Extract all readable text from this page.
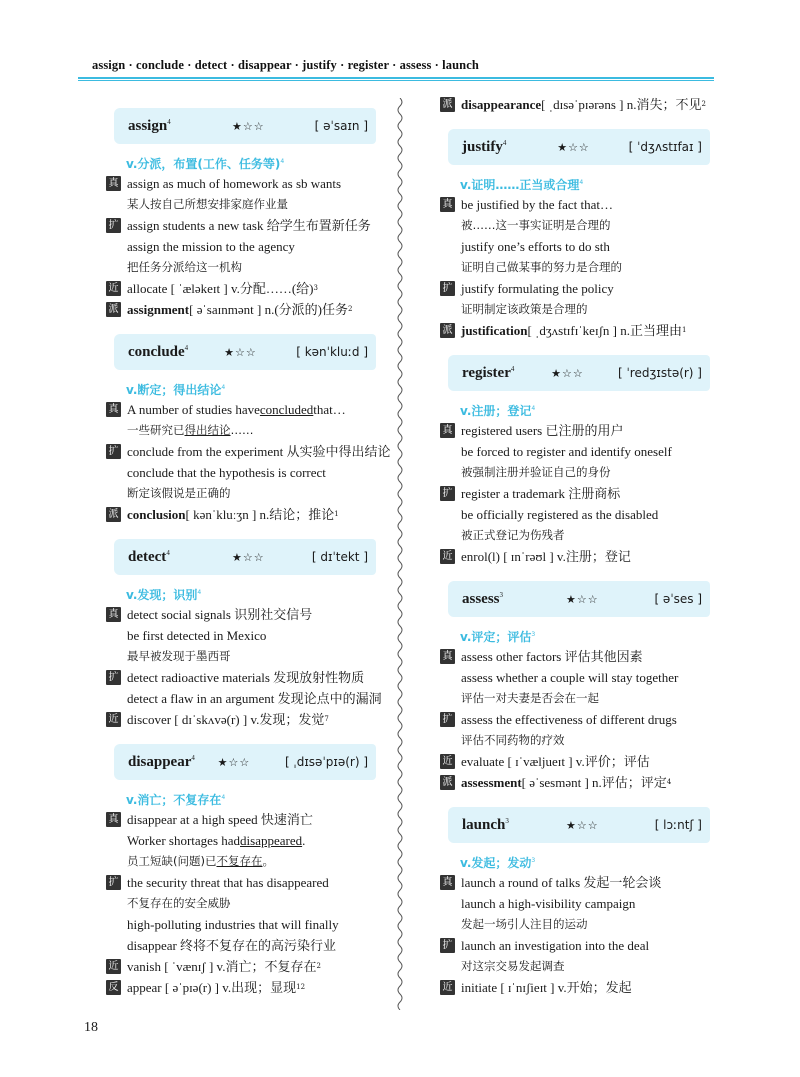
assign · conclude · detect · disappear · justify · register · assess · launch
assign$^4$	★☆☆	[ əˈsaɪn ]
v.分派，布置(工作、任务等)$^4$
真 assign as much of homework as sb wants
某人按自己所想安排家庭作业量
扩 assign students a new task 给学生布置新任务
assign the mission to the agency
把任务分派给这一机构
近 allocate [ ˈæləkeɪt ] v.分配……(给) 3
派 assignment [ əˈsaɪnmənt ] n.(分派的)任务 2
conclude$^4$	★☆☆	[ kənˈkluːd ]
v.断定；得出结论$^4$
真 A number of studies have concluded that…
一些研究已 得出结论 ……
扩 conclude from the experiment 从实验中得出结论
conclude that the hypothesis is correct
断定该假说是正确的
派 conclusion [ kənˈkluːʒn ] n.结论；推论 1
detect$^4$	★☆☆	[ dɪˈtekt ]
v.发现；识别$^4$
真 detect social signals 识别社交信号
be first detected in Mexico
最早被发现于墨西哥
扩 detect radioactive materials 发现放射性物质
detect a flaw in an argument 发现论点中的漏洞
近 discover [ dɪˈskʌvə(r) ] v.发现；发觉 7
disappear$^4$	★☆☆	[ ˌdɪsəˈpɪə(r) ]
v.消亡；不复存在$^4$
真 disappear at a high speed 快速消亡
Worker shortages had disappeared .
员工短缺(问题)已 不复存在 。
扩 the security threat that has disappeared
不复存在的安全威胁
high-polluting industries that will finally
disappear 终将不复存在的高污染行业
近 vanish [ ˈvænɪʃ ] v.消亡；不复存在 2
反 appear [ əˈpɪə(r) ] v.出现；显现 12
派 disappearance [ ˌdɪsəˈpɪərəns ] n.消失；不见 2
justify$^4$	★☆☆	[ ˈdʒʌstɪfaɪ ]
v.证明……正当或合理$^4$
真 be justified by the fact that…
被……这一事实证明是合理的
justify one’s efforts to do sth
证明自己做某事的努力是合理的
扩 justify formulating the policy
证明制定该政策是合理的
派 justification [ ˌdʒʌstɪfɪˈkeɪʃn ] n.正当理由 1
register$^4$	★☆☆	[ ˈredʒɪstə(r) ]
v.注册；登记$^4$
真 registered users 已注册的用户
be forced to register and identify oneself
被强制注册并验证自己的身份
扩 register a trademark 注册商标
be officially registered as the disabled
被正式登记为伤残者
近 enrol(l) [ ɪnˈrəʊl ] v.注册；登记
assess$^3$	★☆☆	[ əˈses ]
v.评定；评估$^3$
真 assess other factors 评估其他因素
assess whether a couple will stay together
评估一对夫妻是否会在一起
扩 assess the effectiveness of different drugs
评估不同药物的疗效
近 evaluate [ ɪˈvæljueɪt ] v.评价；评估
派 assessment [ əˈsesmənt ] n.评估；评定 4
launch$^3$	★☆☆	[ lɔːntʃ ]
v.发起；发动$^3$
真 launch a round of talks 发起一轮会谈
launch a high-visibility campaign
发起一场引人注目的运动
扩 launch an investigation into the deal
对这宗交易发起调查
近 initiate [ ɪˈnɪʃieɪt ] v.开始；发起
18
